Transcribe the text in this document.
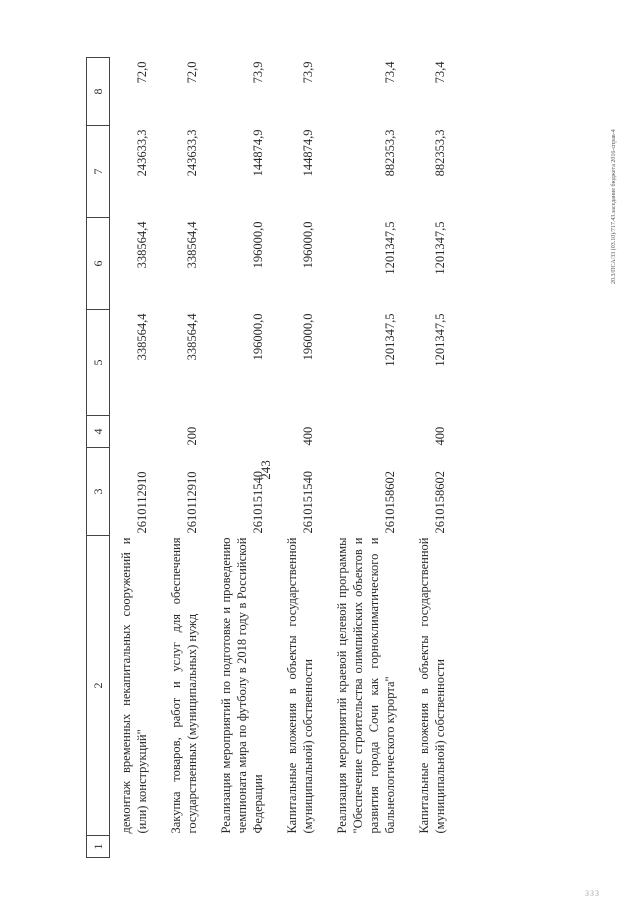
243
20.3/ПСА/33 (03.10)/717.43.заседание бюджета 2016-справ-4
ЗЗЗ
1	2	3	4	5	6	7	8
	демонтаж временных некапитальных сооружений и (или) конструкций"	2610112910		338564,4	338564,4	243633,3	72,0
	Закупка товаров, работ и услуг для обеспечения государственных (муниципальных) нужд	2610112910	200	338564,4	338564,4	243633,3	72,0
	Реализация мероприятий по подготовке и проведению чемпионата мира по футболу в 2018 году в Российской Федерации	2610151540		196000,0	196000,0	144874,9	73,9
	Капитальные вложения в объекты государственной (муниципальной) собственности	2610151540	400	196000,0	196000,0	144874,9	73,9
	Реализация мероприятий краевой целевой программы "Обеспечение строительства олимпийских объектов и развития города Сочи как горноклиматического и бальнеологического курорта"	2610158602		1201347,5	1201347,5	882353,3	73,4
	Капитальные вложения в объекты государственной (муниципальной) собственности	2610158602	400	1201347,5	1201347,5	882353,3	73,4
